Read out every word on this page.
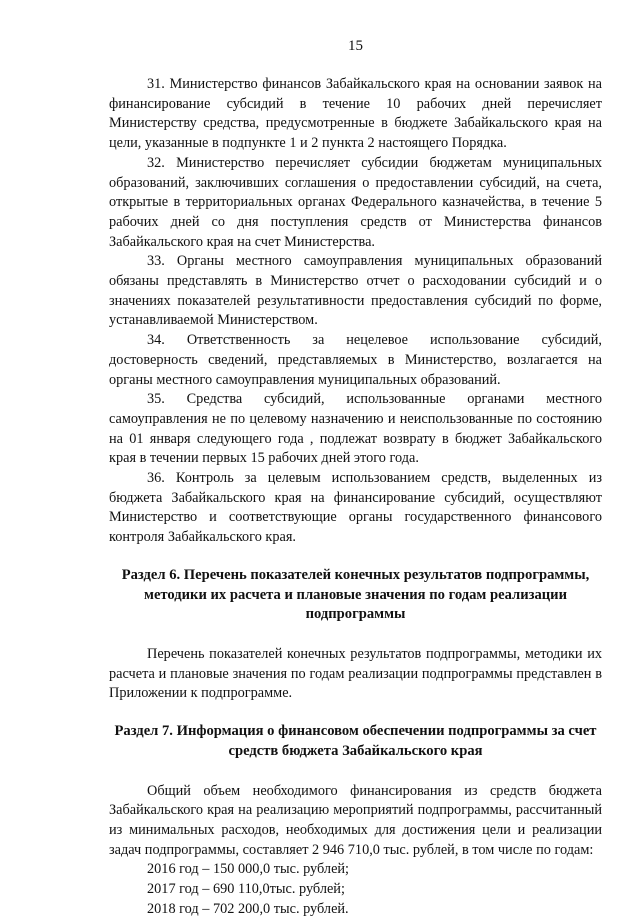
15

31. Министерство финансов Забайкальского края на основании заявок на финансирование субсидий в течение 10 рабочих дней перечисляет Министерству средства, предусмотренные в бюджете Забайкальского края на цели, указанные в подпункте 1 и 2 пункта 2 настоящего Порядка.

32. Министерство перечисляет субсидии бюджетам муниципальных образований, заключивших соглашения о предоставлении субсидий, на счета, открытые в территориальных органах Федерального казначейства, в течение 5 рабочих дней со дня поступления средств от Министерства финансов Забайкальского края на счет Министерства.

33. Органы местного самоуправления муниципальных образований обязаны представлять в Министерство отчет о расходовании субсидий и о значениях показателей результативности предоставления субсидий по форме, устанавливаемой Министерством.

34. Ответственность за нецелевое использование субсидий, достоверность сведений, представляемых в Министерство, возлагается на органы местного самоуправления муниципальных образований.

35. Средства субсидий, использованные органами местного самоуправления не по целевому назначению и неиспользованные по состоянию на 01 января следующего года , подлежат возврату в бюджет Забайкальского края в течении первых 15 рабочих дней этого года.

36. Контроль за целевым использованием средств, выделенных из бюджета Забайкальского края на финансирование субсидий, осуществляют Министерство и соответствующие органы государственного финансового контроля Забайкальского края.

Раздел 6. Перечень показателей конечных результатов подпрограммы, методики их расчета и плановые значения по годам реализации подпрограммы

Перечень показателей конечных результатов подпрограммы, методики их расчета и плановые значения по годам реализации подпрограммы представлен в Приложении к подпрограмме.

Раздел 7. Информация о финансовом обеспечении подпрограммы за счет средств бюджета Забайкальского края

Общий объем необходимого финансирования из средств бюджета Забайкальского края на реализацию мероприятий подпрограммы, рассчитанный из минимальных расходов, необходимых для достижения цели и реализации задач подпрограммы, составляет 2 946 710,0 тыс. рублей, в том числе по годам:

2016 год – 150 000,0 тыс. рублей;

2017 год – 690 110,0тыс. рублей;

2018 год – 702 200,0 тыс. рублей.
